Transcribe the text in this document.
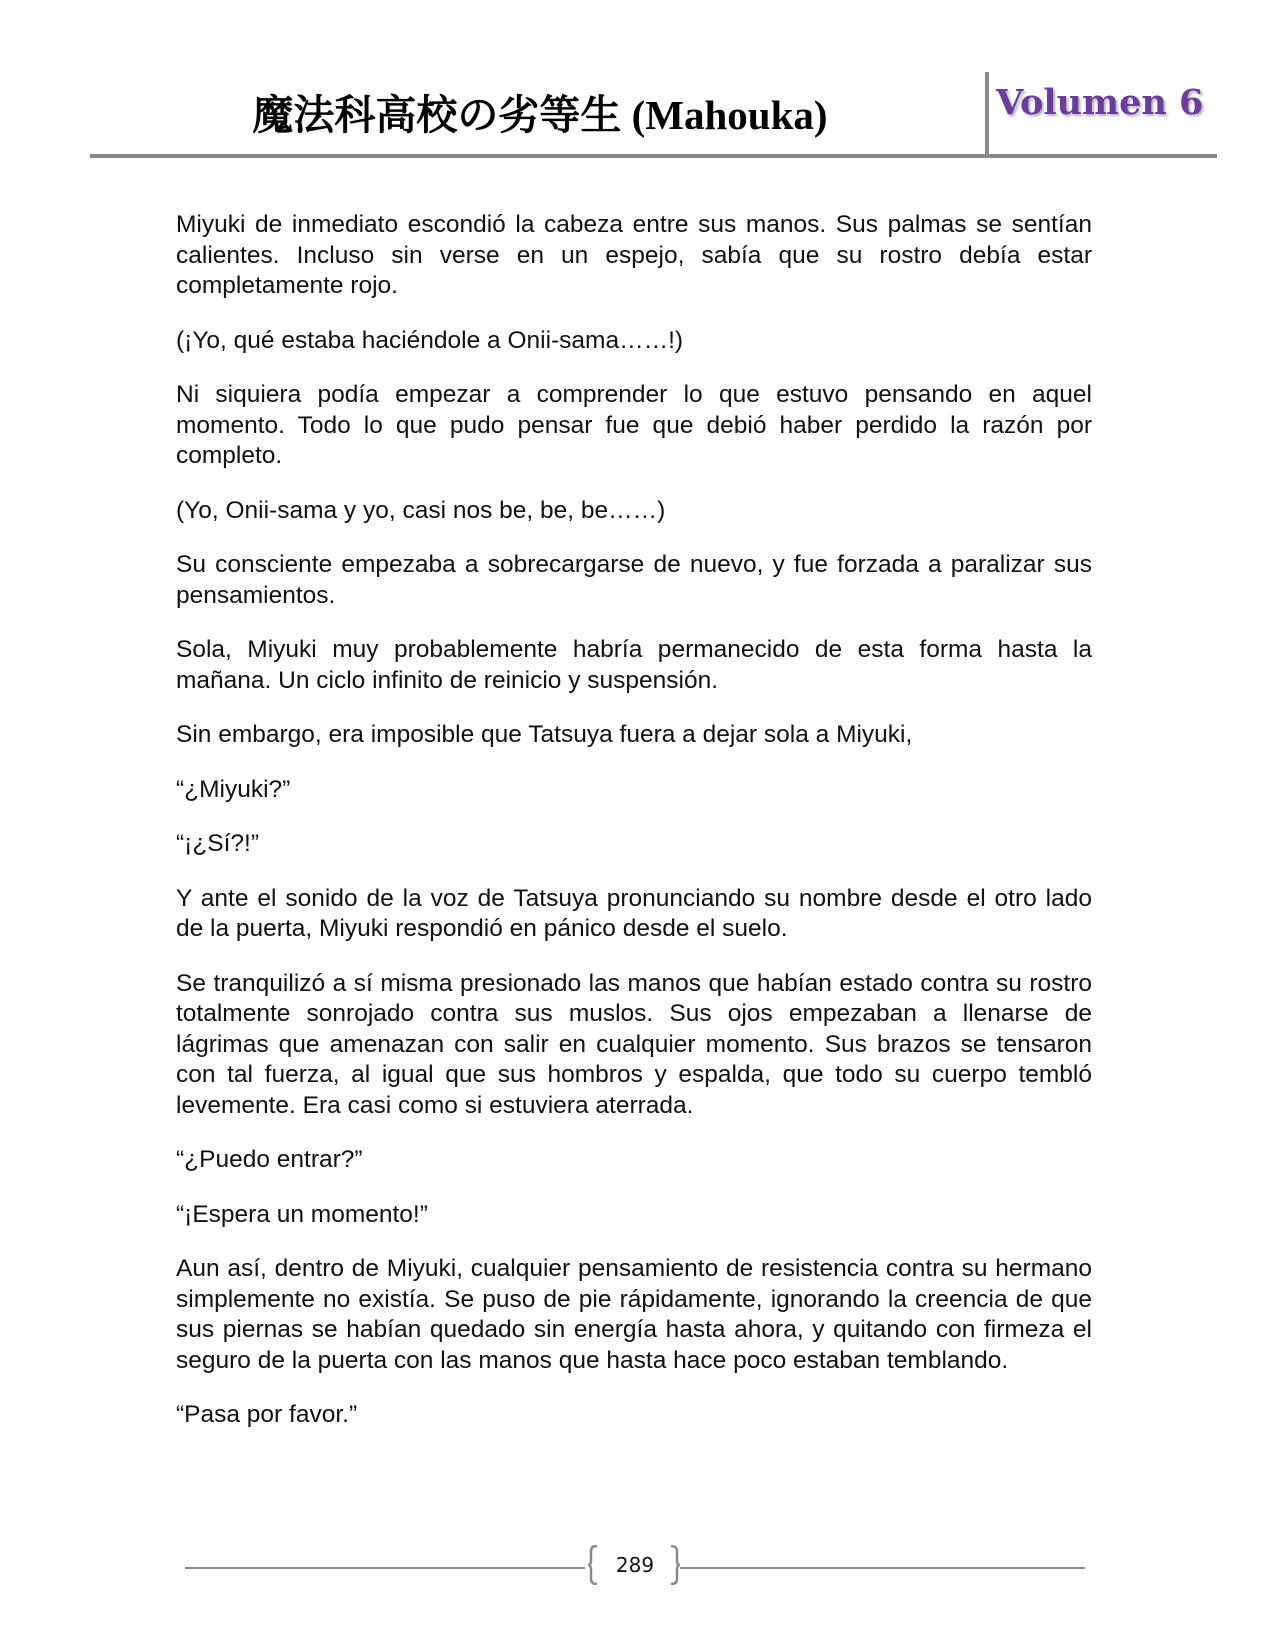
魔法科高校の劣等生 (Mahouka)	Volumen 6

Miyuki de inmediato escondió la cabeza entre sus manos. Sus palmas se sentían calientes. Incluso sin verse en un espejo, sabía que su rostro debía estar completamente rojo.

(¡Yo, qué estaba haciéndole a Onii-sama……!)

Ni siquiera podía empezar a comprender lo que estuvo pensando en aquel momento. Todo lo que pudo pensar fue que debió haber perdido la razón por completo.

(Yo, Onii-sama y yo, casi nos be, be, be……)

Su consciente empezaba a sobrecargarse de nuevo, y fue forzada a paralizar sus pensamientos.

Sola, Miyuki muy probablemente habría permanecido de esta forma hasta la mañana. Un ciclo infinito de reinicio y suspensión.

Sin embargo, era imposible que Tatsuya fuera a dejar sola a Miyuki,

“¿Miyuki?”

“¡¿Sí?!”

Y ante el sonido de la voz de Tatsuya pronunciando su nombre desde el otro lado de la puerta, Miyuki respondió en pánico desde el suelo.

Se tranquilizó a sí misma presionado las manos que habían estado contra su rostro totalmente sonrojado contra sus muslos. Sus ojos empezaban a llenarse de lágrimas que amenazan con salir en cualquier momento. Sus brazos se tensaron con tal fuerza, al igual que sus hombros y espalda, que todo su cuerpo tembló levemente. Era casi como si estuviera aterrada.

“¿Puedo entrar?”

“¡Espera un momento!”

Aun así, dentro de Miyuki, cualquier pensamiento de resistencia contra su hermano simplemente no existía. Se puso de pie rápidamente, ignorando la creencia de que sus piernas se habían quedado sin energía hasta ahora, y quitando con firmeza el seguro de la puerta con las manos que hasta hace poco estaban temblando.

“Pasa por favor.”

289
